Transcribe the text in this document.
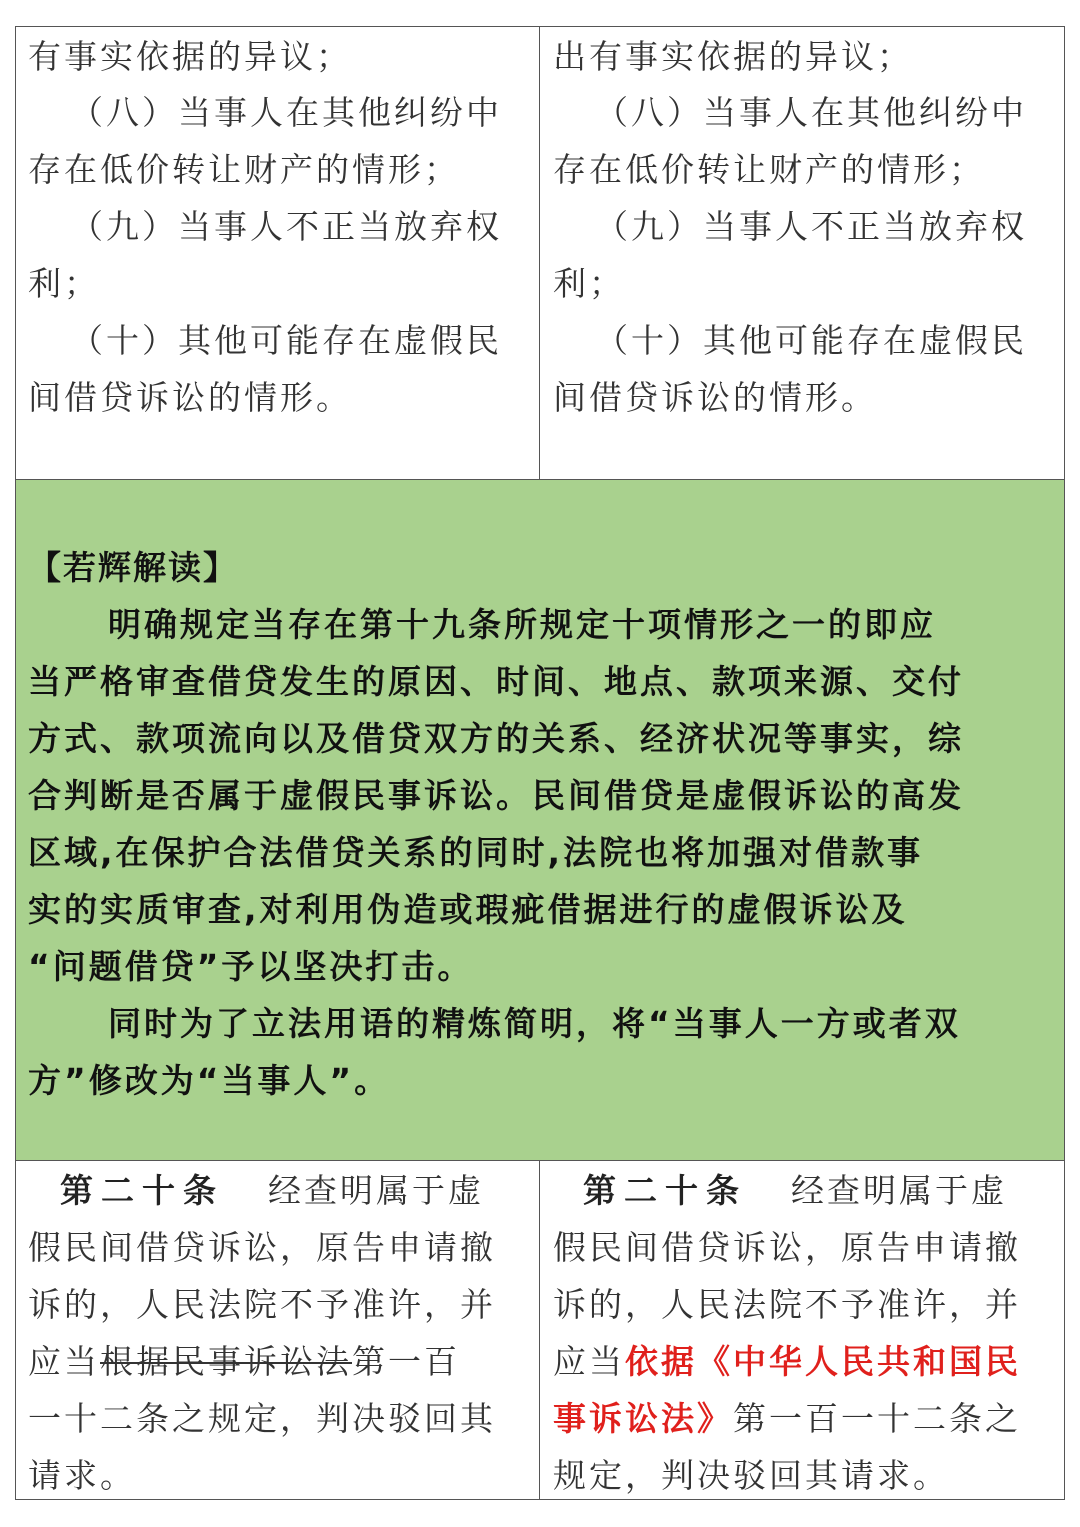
有事实依据的异议；
（八）当事人在其他纠纷中
存在低价转让财产的情形；
（九）当事人不正当放弃权
利；
（十）其他可能存在虚假民
间借贷诉讼的情形。
出有事实依据的异议；
（八）当事人在其他纠纷中
存在低价转让财产的情形；
（九）当事人不正当放弃权
利；
（十）其他可能存在虚假民
间借贷诉讼的情形。
【若辉解读】
明确规定当存在第十九条所规定十项情形之一的即应
当严格审查借贷发生的原因、时间、地点、款项来源、交付
方式、款项流向以及借贷双方的关系、经济状况等事实，综
合判断是否属于虚假民事诉讼。民间借贷是虚假诉讼的高发
区域,在保护合法借贷关系的同时,法院也将加强对借款事
实的实质审查,对利用伪造或瑕疵借据进行的虚假诉讼及
“问题借贷”予以坚决打击。
同时为了立法用语的精炼简明，将“当事人一方或者双
方”修改为“当事人”。
第二十条 经查明属于虚
假民间借贷诉讼，原告申请撤
诉的，人民法院不予准许，并
应当根据民事诉讼法第一百
一十二条之规定，判决驳回其
请求。
第二十条 经查明属于虚
假民间借贷诉讼，原告申请撤
诉的，人民法院不予准许，并
应当依据《中华人民共和国民
事诉讼法》第一百一十二条之
规定，判决驳回其请求。
